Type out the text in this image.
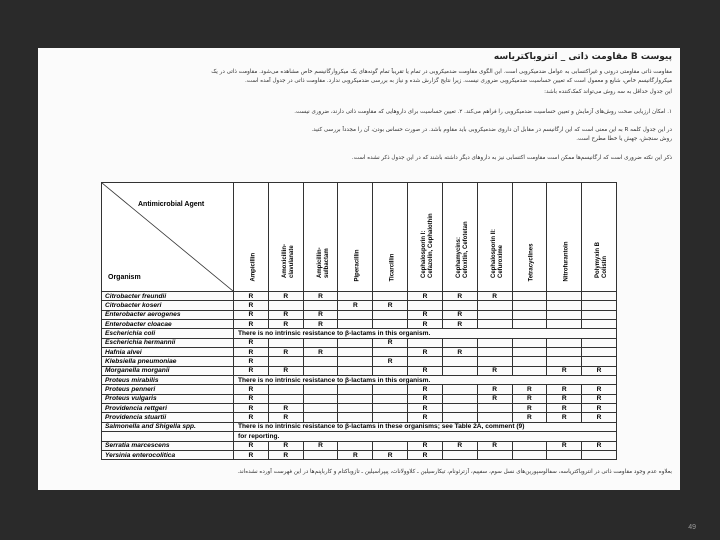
پیوست B مقاومت ذاتی _ انتروباکتریاسه
مقاومت ذاتی مقاومتی درونی و غیراکتسابی به عوامل ضدمیکروبی است. این الگوی مقاومت ضدمیکروبی در تمام یا تقریباً تمام گونه‌های یک میکروارگانیسم خاص مشاهده می‌شود. مقاومت ذاتی در یک
میکروارگانیسم خاص، شایع و معمول است که تعیین حساسیت ضدمیکروبی ضروری نیست. زیرا نتایج گزارش شده و نیاز به بررسی ضدمیکروبی ندارد. مقاومت ذاتی در جدول آمده است.
این جدول حداقل به سه روش می‌تواند کمک‌کننده باشد:
۱. امکان ارزیابی صحت روش‌های آزمایش و تعیین حساسیت ضدمیکروبی را فراهم می‌کند. ۲. تعیین حساسیت برای داروهایی که مقاومت ذاتی دارند، ضروری نیست.
در این جدول کلمه R به این معنی است که این ارگانیسم در مقابل آن داروی ضدمیکروبی باید مقاوم باشد. در صورت حساس بودن، آن را مجدداً بررسی کنید.
روش سنجش، جهش یا خطا مطرح است.
ذکر این نکته ضروری است که ارگانیسم‌ها ممکن است مقاومت اکتسابی نیز به داروهای دیگر داشته باشند که در این جدول ذکر نشده است.
Antimicrobial Agent
Organism	Ampicillin	Amoxicillin-
clavulanate	Ampicillin-
sulbactam	Piperacillin	Ticarcillin	Cephalosporin I:
Cefazolin, Cephalothin	Cephamycins:
Cefoxitin, Cefotetan	Cephalosporin II:
Cefuroxime	Tetracyclines	Nitrofurantoin	Polymyxin B
Colistin

Citrobacter freundii	R	R	R			R	R	R			
Citrobacter koseri	R			R	R						
Enterobacter aerogenes	R	R	R			R	R				
Enterobacter cloacae	R	R	R			R	R				
Escherichia coli	There is no intrinsic resistance to β-lactams in this organism.										
Escherichia hermannii	R				R						
Hafnia alvei	R	R	R			R	R				
Klebsiella pneumoniae	R				R						
Morganella morganii	R	R				R		R		R	R
Proteus mirabilis	There is no intrinsic resistance to β-lactams in this organism.										
Proteus penneri	R					R		R	R	R	R
Proteus vulgaris	R					R		R	R	R	R
Providencia rettgeri	R	R				R			R	R	R
Providencia stuartii	R	R				R			R	R	R
Salmonella and Shigella spp.	There is no intrinsic resistance to β-lactams in these organisms; see Table 2A, comment (9)										
	for reporting.										
Serratia marcescens	R	R	R			R	R	R		R	R
Yersinia enterocolitica	R	R		R	R	R					
بعلاوه عدم وجود مقاومت ذاتی در انتروباکتریاسه، سفالوسپورین‌های نسل سوم، سفپیم، آزترئونام، تیکارسیلین ـ کلاوولانات، پیپراسیلین ـ تازوباکتام و کارباپنم‌ها در این فهرست آورده نشده‌اند.
49
